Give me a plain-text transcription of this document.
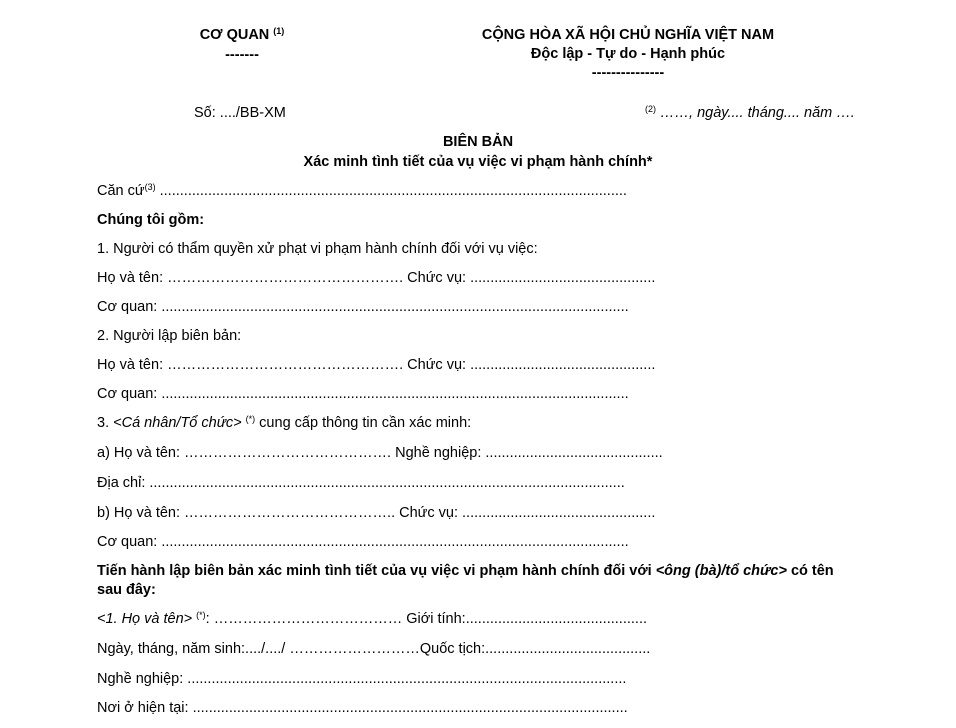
CƠ QUAN $^{(1)}$
-------
Số: ..../BB-XM
CỘNG HÒA XÃ HỘI CHỦ NGHĨA VIỆT NAM
Độc lập - Tự do - Hạnh phúc
---------------
$^{(2)}$ ……, ngày.... tháng.... năm ….
BIÊN BẢN
Xác minh tình tiết của vụ việc vi phạm hành chính*
Căn cứ$^{(3)}$ ....................................................................................................................
Chúng tôi gồm:
1. Người có thẩm quyền xử phạt vi phạm hành chính đối với vụ việc:
Họ và tên: …………………………………………. Chức vụ: ..............................................
Cơ quan: ....................................................................................................................
2. Người lập biên bản:
Họ và tên: …………………………………………. Chức vụ: ..............................................
Cơ quan: ....................................................................................................................
3. <Cá nhân/Tổ chức> (*) cung cấp thông tin cần xác minh:
a) Họ và tên: ……………………………………. Nghề nghiệp: ............................................
Địa chỉ: ......................................................................................................................
b) Họ và tên: …………………………………….. Chức vụ: ................................................
Cơ quan: ....................................................................................................................
Tiến hành lập biên bản xác minh tình tiết của vụ việc vi phạm hành chính đối với <ông (bà)/tổ chức> có tên
sau đây:
<1. Họ và tên> (*): ………………………………… Giới tính:.............................................
Ngày, tháng, năm sinh:..../..../ ………………………Quốc tịch:.........................................
Nghề nghiệp: .............................................................................................................
Nơi ở hiện tại: ............................................................................................................
